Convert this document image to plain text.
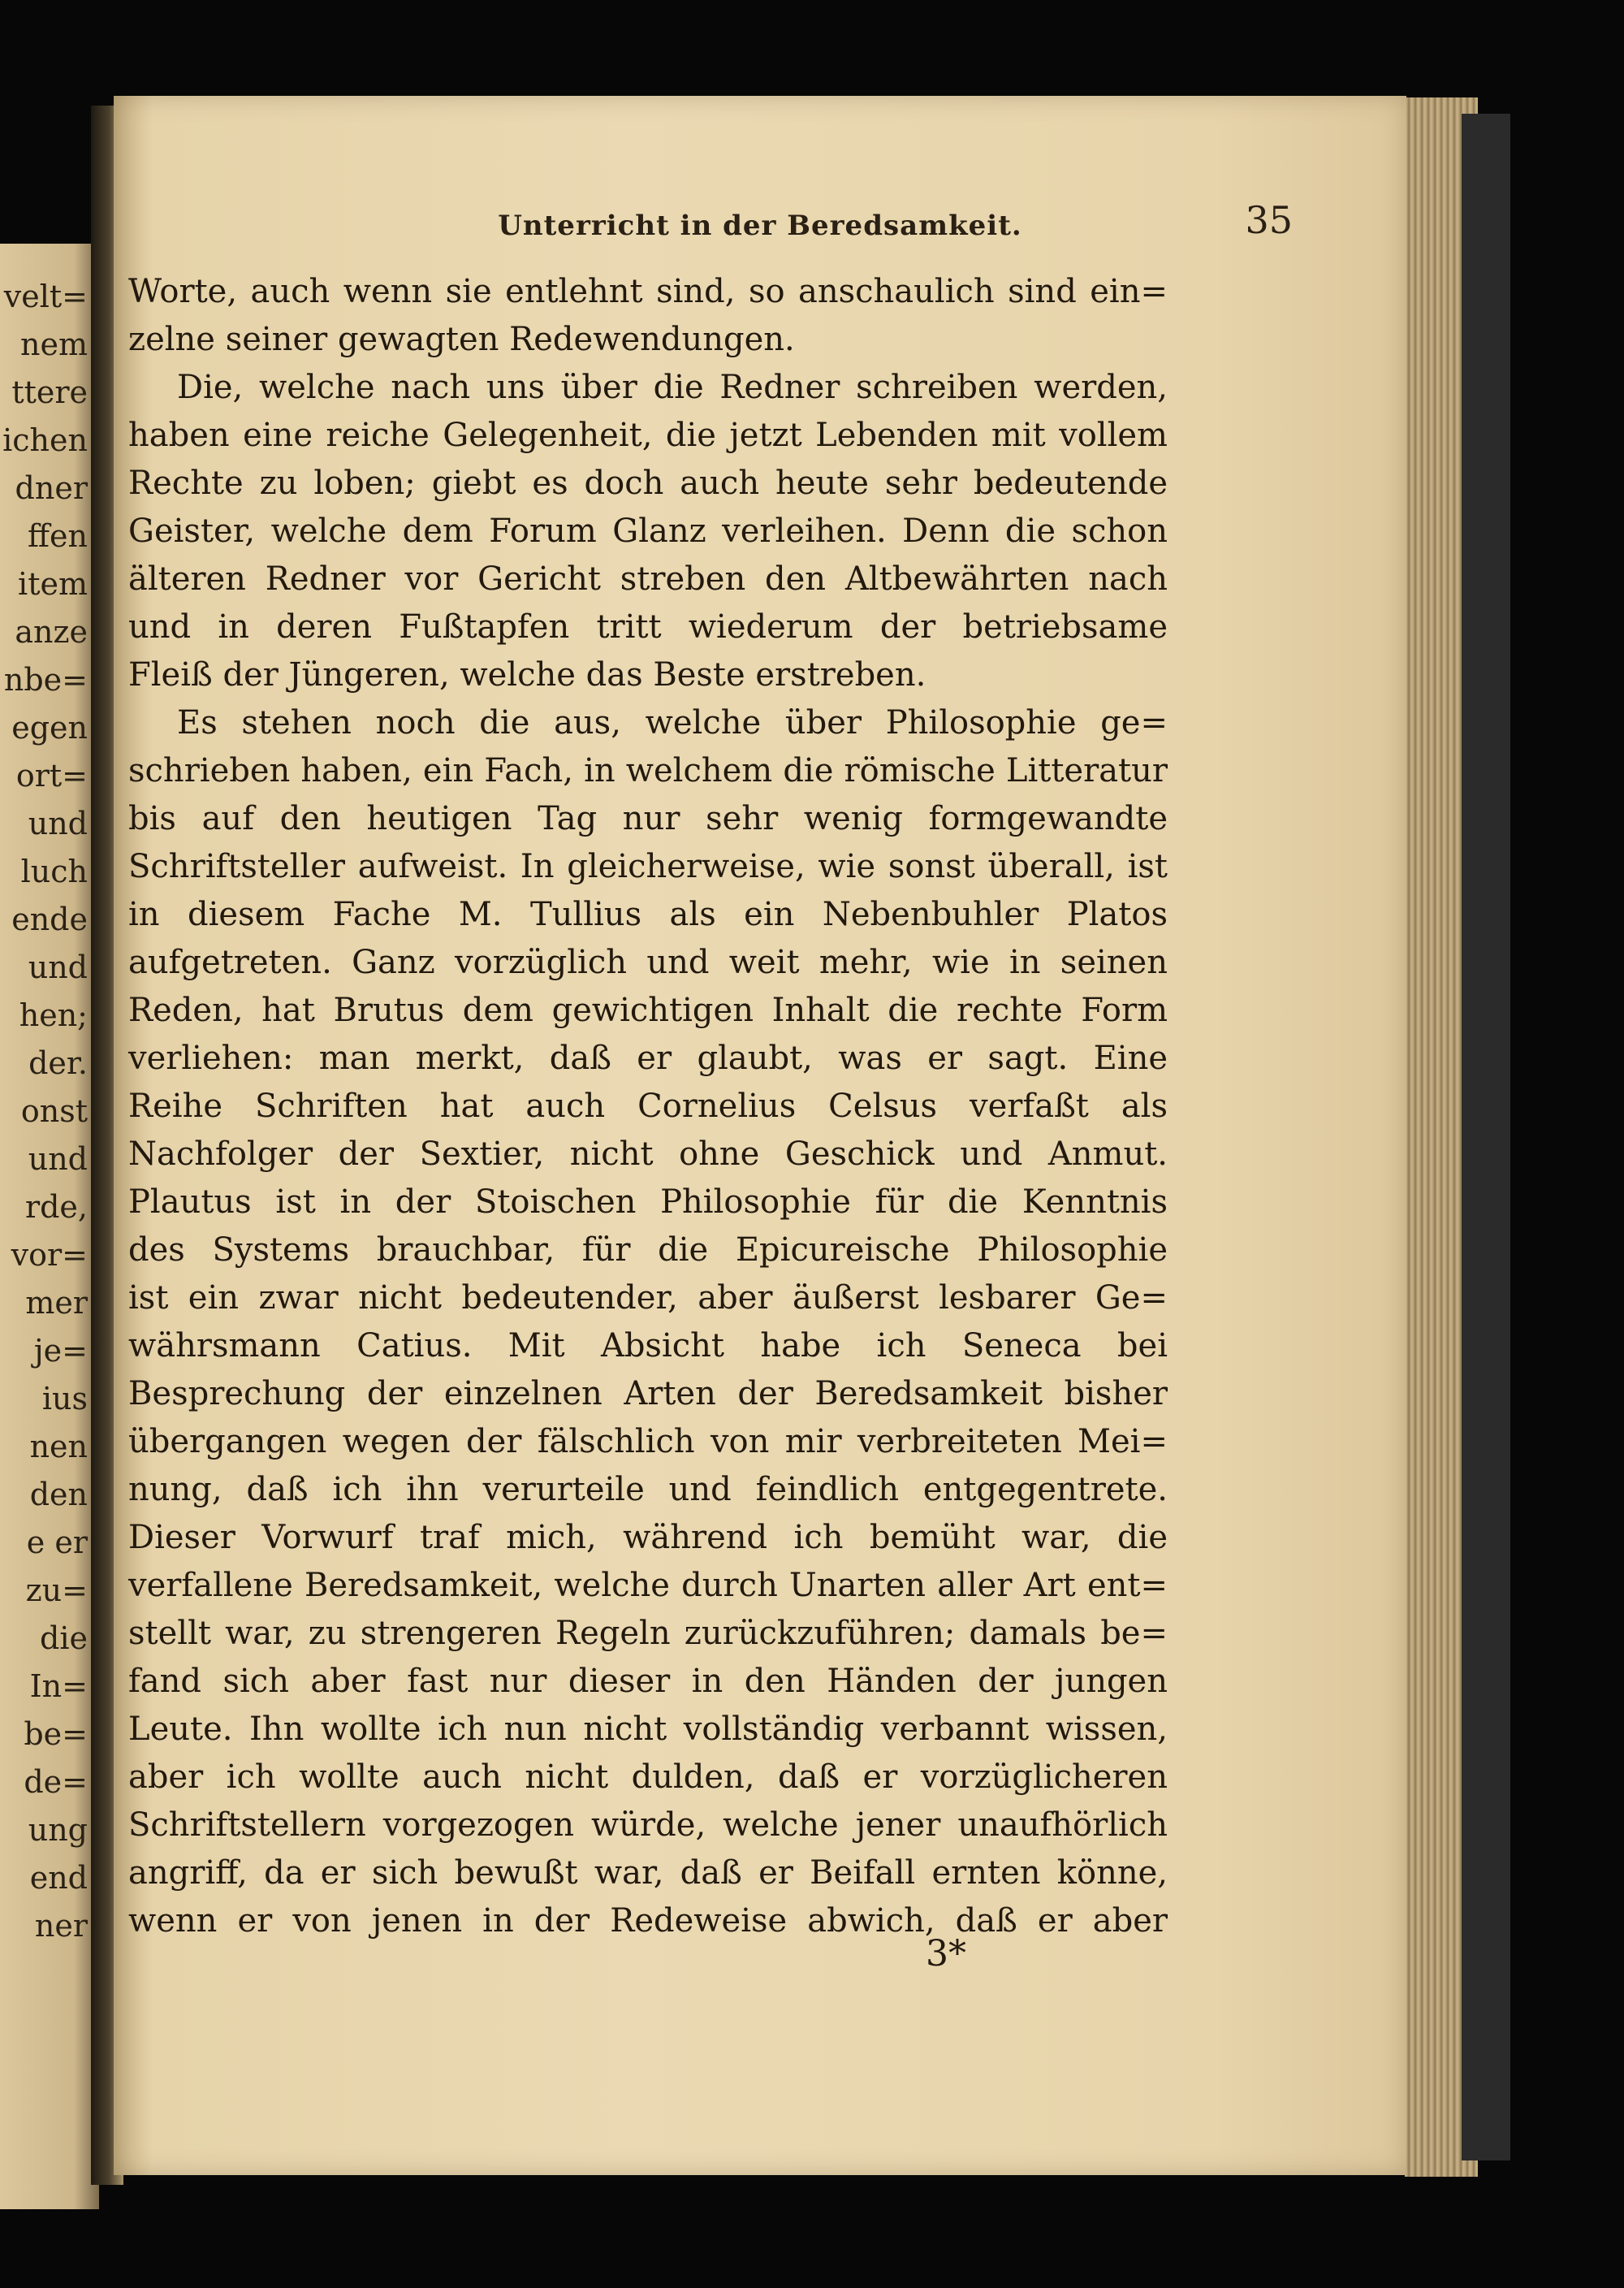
velt=
nem
ttere
ichen
dner
ffen
item
anze
nbe=
egen
ort=
und
luch
ende
und
hen;
der.
onst
und
rde,
vor=
mer
je=
ius
nen
den
e er
zu=
die
In=
be=
de=
ung
end
ner
Unterricht in der Beredsamkeit.	35
Worte, auch wenn sie entlehnt sind, so anschaulich sind ein=
zelne seiner gewagten Redewendungen.
Die, welche nach uns über die Redner schreiben werden,
haben eine reiche Gelegenheit, die jetzt Lebenden mit vollem
Rechte zu loben; giebt es doch auch heute sehr bedeutende
Geister, welche dem Forum Glanz verleihen. Denn die schon
älteren Redner vor Gericht streben den Altbewährten nach
und in deren Fußtapfen tritt wiederum der betriebsame
Fleiß der Jüngeren, welche das Beste erstreben.
Es stehen noch die aus, welche über Philosophie ge=
schrieben haben, ein Fach, in welchem die römische Litteratur
bis auf den heutigen Tag nur sehr wenig formgewandte
Schriftsteller aufweist. In gleicherweise, wie sonst überall, ist
in diesem Fache M. Tullius als ein Nebenbuhler Platos
aufgetreten. Ganz vorzüglich und weit mehr, wie in seinen
Reden, hat Brutus dem gewichtigen Inhalt die rechte Form
verliehen: man merkt, daß er glaubt, was er sagt. Eine
Reihe Schriften hat auch Cornelius Celsus verfaßt als
Nachfolger der Sextier, nicht ohne Geschick und Anmut.
Plautus ist in der Stoischen Philosophie für die Kenntnis
des Systems brauchbar, für die Epicureische Philosophie
ist ein zwar nicht bedeutender, aber äußerst lesbarer Ge=
währsmann Catius. Mit Absicht habe ich Seneca bei
Besprechung der einzelnen Arten der Beredsamkeit bisher
übergangen wegen der fälschlich von mir verbreiteten Mei=
nung, daß ich ihn verurteile und feindlich entgegentrete.
Dieser Vorwurf traf mich, während ich bemüht war, die
verfallene Beredsamkeit, welche durch Unarten aller Art ent=
stellt war, zu strengeren Regeln zurückzuführen; damals be=
fand sich aber fast nur dieser in den Händen der jungen
Leute. Ihn wollte ich nun nicht vollständig verbannt wissen,
aber ich wollte auch nicht dulden, daß er vorzüglicheren
Schriftstellern vorgezogen würde, welche jener unaufhörlich
angriff, da er sich bewußt war, daß er Beifall ernten könne,
wenn er von jenen in der Redeweise abwich, daß er aber
3*
